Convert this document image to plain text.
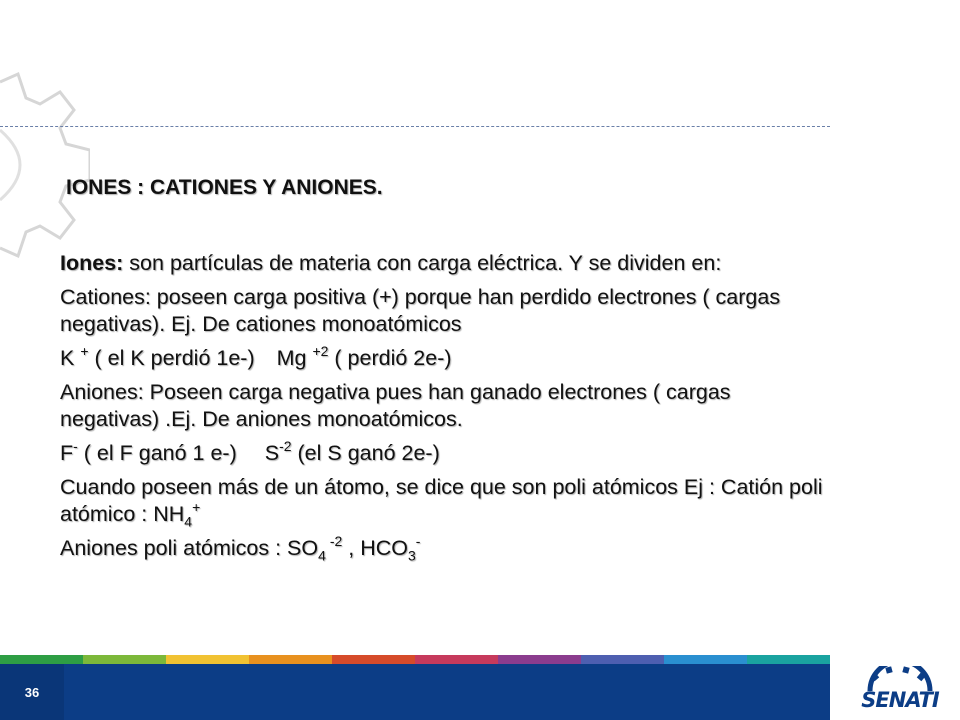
IONES : CATIONES Y ANIONES.

Iones: son partículas de materia con carga eléctrica. Y se dividen en:

Cationes: poseen carga positiva (+) porque han perdido electrones ( cargas negativas). Ej. De cationes monoatómicos

K + ( el K perdió 1e-) Mg $^{+2}$ ( perdió 2e-)

Aniones: Poseen carga negativa pues han ganado electrones ( cargas negativas) .Ej. De aniones monoatómicos.

F- ( el F ganó 1 e-) $S^{-2}$ (el S ganó 2e-)

Cuando poseen más de un átomo, se dice que son poli atómicos Ej : Catión poli atómico : $NH_4^+$

Aniones poli atómicos : $SO_4$ $^{-2}$ , $HCO_3^-$

36	SENATI
